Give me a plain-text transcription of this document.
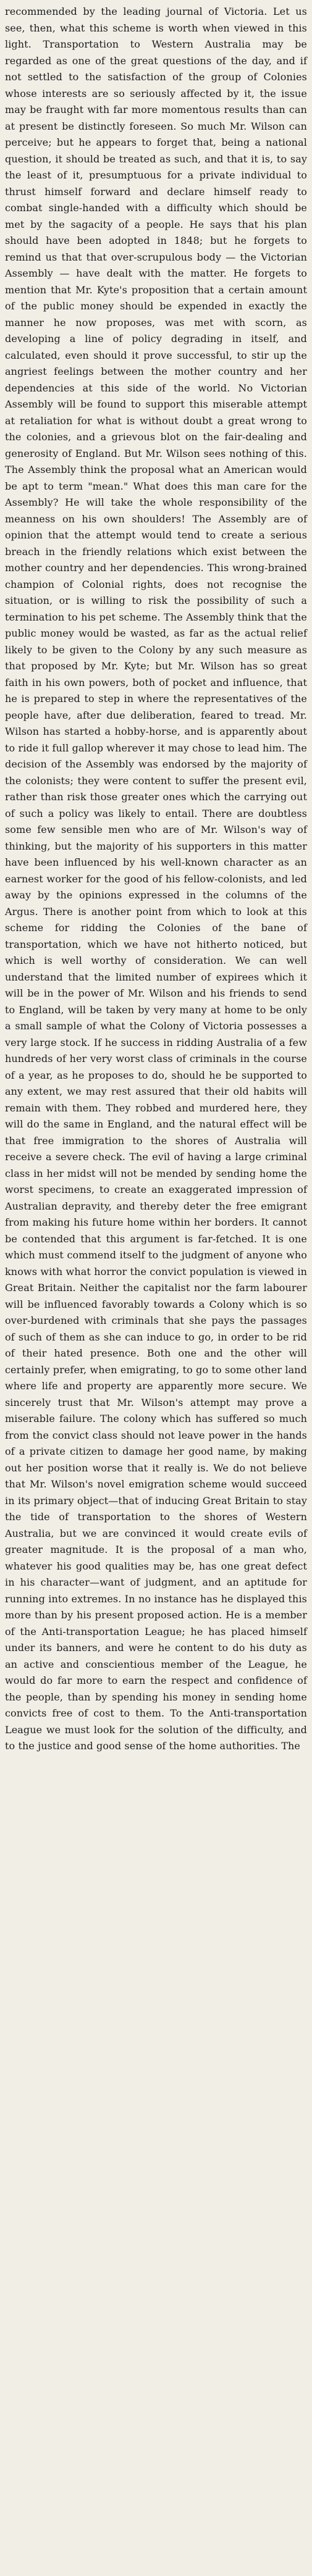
recommended by the leading journal of Victoria. Let us see, then, what this scheme is worth when viewed in this light. Transportation to Western Australia may be regarded as one of the great questions of the day, and if not settled to the satisfaction of the group of Colonies whose interests are so seriously affected by it, the issue may be fraught with far more momentous results than can at present be distinctly foreseen. So much Mr. Wilson can perceive; but he appears to forget that, being a national question, it should be treated as such, and that it is, to say the least of it, presumptuous for a private individual to thrust himself forward and declare himself ready to combat single-handed with a difficulty which should be met by the sagacity of a people. He says that his plan should have been adopted in 1848; but he forgets to remind us that that over-scrupulous body — the Victorian Assembly — have dealt with the matter. He forgets to mention that Mr. Kyte's proposition that a certain amount of the public money should be expended in exactly the manner he now proposes, was met with scorn, as developing a line of policy degrading in itself, and calculated, even should it prove successful, to stir up the angriest feelings between the mother country and her dependencies at this side of the world. No Victorian Assembly will be found to support this miserable attempt at retaliation for what is without doubt a great wrong to the colonies, and a grievous blot on the fair-dealing and generosity of England. But Mr. Wilson sees nothing of this. The Assembly think the proposal what an American would be apt to term "mean." What does this man care for the Assembly? He will take the whole responsibility of the meanness on his own shoulders! The Assembly are of opinion that the attempt would tend to create a serious breach in the friendly relations which exist between the mother country and her dependencies. This wrong-brained champion of Colonial rights, does not recognise the situation, or is willing to risk the possibility of such a termination to his pet scheme. The Assembly think that the public money would be wasted, as far as the actual relief likely to be given to the Colony by any such measure as that proposed by Mr. Kyte; but Mr. Wilson has so great faith in his own powers, both of pocket and influence, that he is prepared to step in where the representatives of the people have, after due deliberation, feared to tread. Mr. Wilson has started a hobby-horse, and is apparently about to ride it full gallop wherever it may chose to lead him. The decision of the Assembly was endorsed by the majority of the colonists; they were content to suffer the present evil, rather than risk those greater ones which the carrying out of such a policy was likely to entail. There are doubtless some few sensible men who are of Mr. Wilson's way of thinking, but the majority of his supporters in this matter have been influenced by his well-known character as an earnest worker for the good of his fellow-colonists, and led away by the opinions expressed in the columns of the Argus. There is another point from which to look at this scheme for ridding the Colonies of the bane of transportation, which we have not hitherto noticed, but which is well worthy of consideration. We can well understand that the limited number of expirees which it will be in the power of Mr. Wilson and his friends to send to England, will be taken by very many at home to be only a small sample of what the Colony of Victoria possesses a very large stock. If he success in ridding Australia of a few hundreds of her very worst class of criminals in the course of a year, as he proposes to do, should he be supported to any extent, we may rest assured that their old habits will remain with them. They robbed and murdered here, they will do the same in England, and the natural effect will be that free immigration to the shores of Australia will receive a severe check. The evil of having a large criminal class in her midst will not be mended by sending home the worst specimens, to create an exaggerated impression of Australian depravity, and thereby deter the free emigrant from making his future home within her borders. It cannot be contended that this argument is far-fetched. It is one which must commend itself to the judgment of anyone who knows with what horror the convict population is viewed in Great Britain. Neither the capitalist nor the farm labourer will be influenced favorably towards a Colony which is so over-burdened with criminals that she pays the passages of such of them as she can induce to go, in order to be rid of their hated presence. Both one and the other will certainly prefer, when emigrating, to go to some other land where life and property are apparently more secure. We sincerely trust that Mr. Wilson's attempt may prove a miserable failure. The colony which has suffered so much from the convict class should not leave power in the hands of a private citizen to damage her good name, by making out her position worse that it really is. We do not believe that Mr. Wilson's novel emigration scheme would succeed in its primary object—that of inducing Great Britain to stay the tide of transportation to the shores of Western Australia, but we are convinced it would create evils of greater magnitude. It is the proposal of a man who, whatever his good qualities may be, has one great defect in his character—want of judgment, and an aptitude for running into extremes. In no instance has he displayed this more than by his present proposed action. He is a member of the Anti-transportation League; he has placed himself under its banners, and were he content to do his duty as an active and conscientious member of the League, he would do far more to earn the respect and confidence of the people, than by spending his money in sending home convicts free of cost to them. To the Anti-transportation League we must look for the solution of the difficulty, and to the justice and good sense of the home authorities. The
